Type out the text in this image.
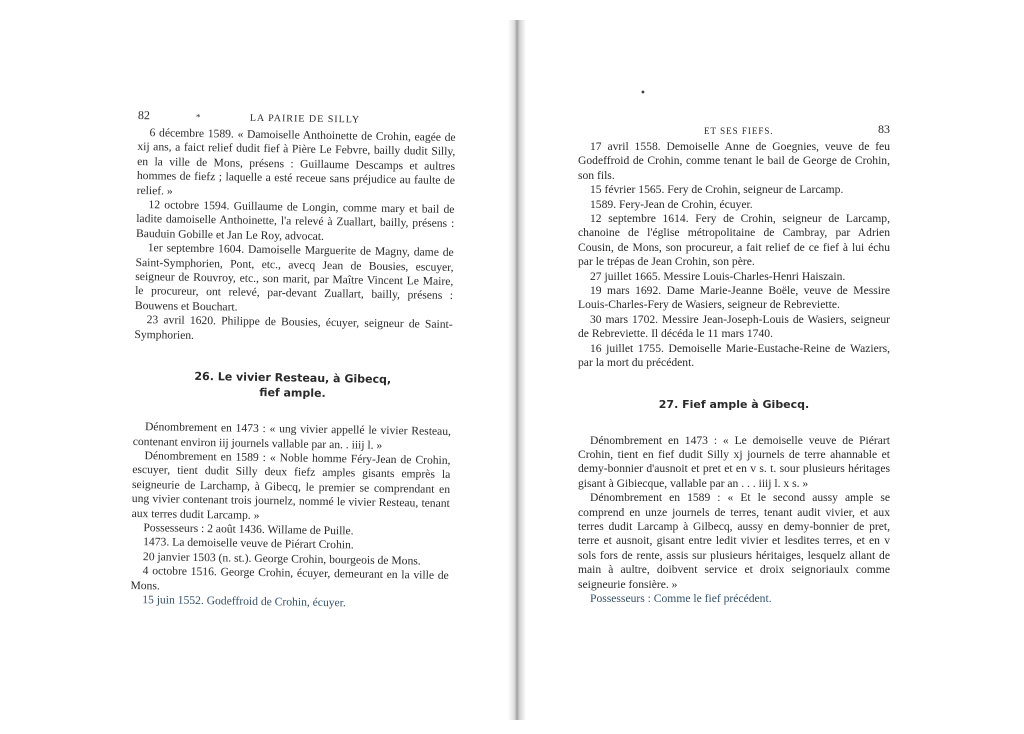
•
82	*	LA PAIRIE DE SILLY

6 décembre 1589. « Damoiselle Anthoinette de Crohin, eagée de xij ans, a faict relief dudit fief à Pière Le Febvre, bailly dudit Silly, en la ville de Mons, présens : Guillaume Descamps et aultres hommes de fiefz ; laquelle a esté receue sans préjudice au faulte de relief. »

12 octobre 1594. Guillaume de Longin, comme mary et bail de ladite damoiselle Anthoinette, l'a relevé à Zuallart, bailly, présens : Bauduin Gobille et Jan Le Roy, advocat.

1er septembre 1604. Damoiselle Marguerite de Magny, dame de Saint-Symphorien, Pont, etc., avecq Jean de Bousies, escuyer, seigneur de Rouvroy, etc., son marit, par Maître Vincent Le Maire, le procureur, ont relevé, par-devant Zuallart, bailly, présens : Bouwens et Bouchart.

23 avril 1620. Philippe de Bousies, écuyer, seigneur de Saint-Symphorien.

26. Le vivier Resteau, à Gibecq,
fief ample.

Dénombrement en 1473 : « ung vivier appellé le vivier Resteau, contenant environ iij journels vallable par an. . iiij l. »

Dénombrement en 1589 : « Noble homme Féry-Jean de Crohin, escuyer, tient dudit Silly deux fiefz amples gisants emprès la seigneurie de Larchamp, à Gibecq, le premier se comprendant en ung vivier contenant trois journelz, nommé le vivier Resteau, tenant aux terres dudit Larcamp. »

Possesseurs : 2 août 1436. Willame de Puille.

1473. La demoiselle veuve de Piérart Crohin.

20 janvier 1503 (n. st.). George Crohin, bourgeois de Mons.

4 octobre 1516. George Crohin, écuyer, demeurant en la ville de Mons.

15 juin 1552. Godeffroid de Crohin, écuyer.

ET SES FIEFS.	83

17 avril 1558. Demoiselle Anne de Goegnies, veuve de feu Godeffroid de Crohin, comme tenant le bail de George de Crohin, son fils.

15 février 1565. Fery de Crohin, seigneur de Larcamp.

1589. Fery-Jean de Crohin, écuyer.

12 septembre 1614. Fery de Crohin, seigneur de Larcamp, chanoine de l'église métropolitaine de Cambray, par Adrien Cousin, de Mons, son procureur, a fait relief de ce fief à lui échu par le trépas de Jean Crohin, son père.

27 juillet 1665. Messire Louis-Charles-Henri Haiszain.

19 mars 1692. Dame Marie-Jeanne Boële, veuve de Messire Louis-Charles-Fery de Wasiers, seigneur de Rebreviette.

30 mars 1702. Messire Jean-Joseph-Louis de Wasiers, seigneur de Rebreviette. Il décéda le 11 mars 1740.

16 juillet 1755. Demoiselle Marie-Eustache-Reine de Waziers, par la mort du précédent.

27. Fief ample à Gibecq.

Dénombrement en 1473 : « Le demoiselle veuve de Piérart Crohin, tient en fief dudit Silly xj journels de terre ahannable et demy-bonnier d'ausnoit et pret et en v s. t. sour plusieurs héritages gisant à Gibiecque, vallable par an . . . iiij l. x s. »

Dénombrement en 1589 : « Et le second aussy ample se comprend en unze journels de terres, tenant audit vivier, et aux terres dudit Larcamp à Gilbecq, aussy en demy-bonnier de pret, terre et ausnoit, gisant entre ledit vivier et lesdites terres, et en v sols fors de rente, assis sur plusieurs héritaiges, lesquelz allant de main à aultre, doibvent service et droix seignoriaulx comme seigneurie fonsière. »

Possesseurs : Comme le fief précédent.
